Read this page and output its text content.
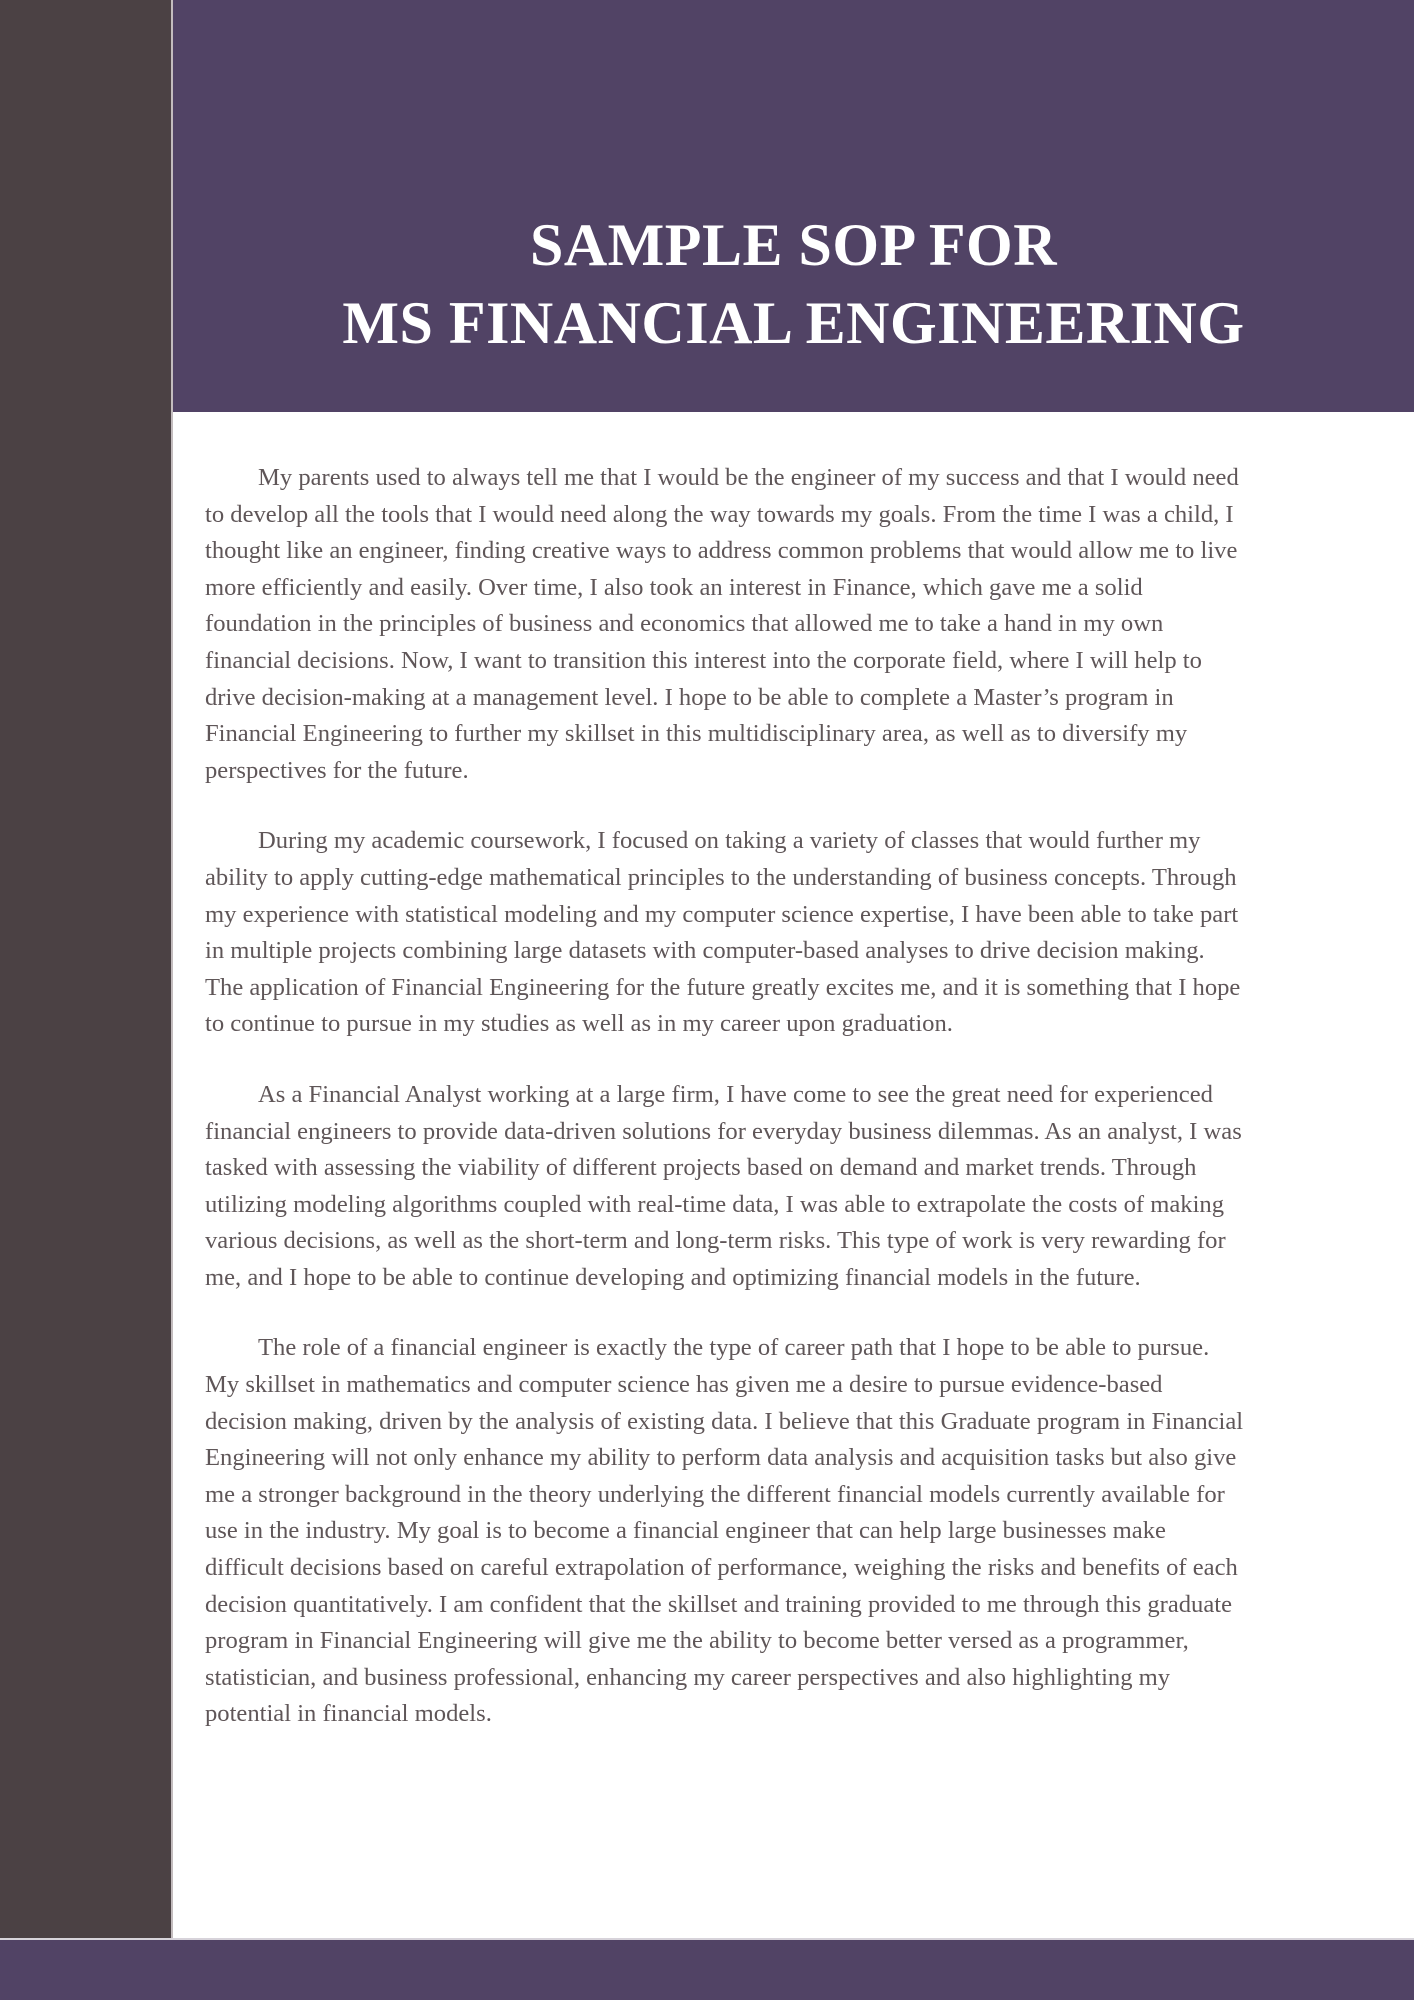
SAMPLE SOP FOR
MS FINANCIAL ENGINEERING

My parents used to always tell me that I would be the engineer of my success and that I would need to develop all the tools that I would need along the way towards my goals. From the time I was a child, I thought like an engineer, finding creative ways to address common problems that would allow me to live more efficiently and easily. Over time, I also took an interest in Finance, which gave me a solid foundation in the principles of business and economics that allowed me to take a hand in my own financial decisions. Now, I want to transition this interest into the corporate field, where I will help to drive decision-making at a management level. I hope to be able to complete a Master’s program in Financial Engineering to further my skillset in this multidisciplinary area, as well as to diversify my perspectives for the future.

During my academic coursework, I focused on taking a variety of classes that would further my ability to apply cutting-edge mathematical principles to the understanding of business concepts. Through my experience with statistical modeling and my computer science expertise, I have been able to take part in multiple projects combining large datasets with computer-based analyses to drive decision making. The application of Financial Engineering for the future greatly excites me, and it is something that I hope to continue to pursue in my studies as well as in my career upon graduation.

As a Financial Analyst working at a large firm, I have come to see the great need for experienced financial engineers to provide data-driven solutions for everyday business dilemmas. As an analyst, I was tasked with assessing the viability of different projects based on demand and market trends. Through utilizing modeling algorithms coupled with real-time data, I was able to extrapolate the costs of making various decisions, as well as the short-term and long-term risks. This type of work is very rewarding for me, and I hope to be able to continue developing and optimizing financial models in the future.

The role of a financial engineer is exactly the type of career path that I hope to be able to pursue. My skillset in mathematics and computer science has given me a desire to pursue evidence-based decision making, driven by the analysis of existing data. I believe that this Graduate program in Financial Engineering will not only enhance my ability to perform data analysis and acquisition tasks but also give me a stronger background in the theory underlying the different financial models currently available for use in the industry. My goal is to become a financial engineer that can help large businesses make difficult decisions based on careful extrapolation of performance, weighing the risks and benefits of each decision quantitatively. I am confident that the skillset and training provided to me through this graduate program in Financial Engineering will give me the ability to become better versed as a programmer, statistician, and business professional, enhancing my career perspectives and also highlighting my potential in financial models.
